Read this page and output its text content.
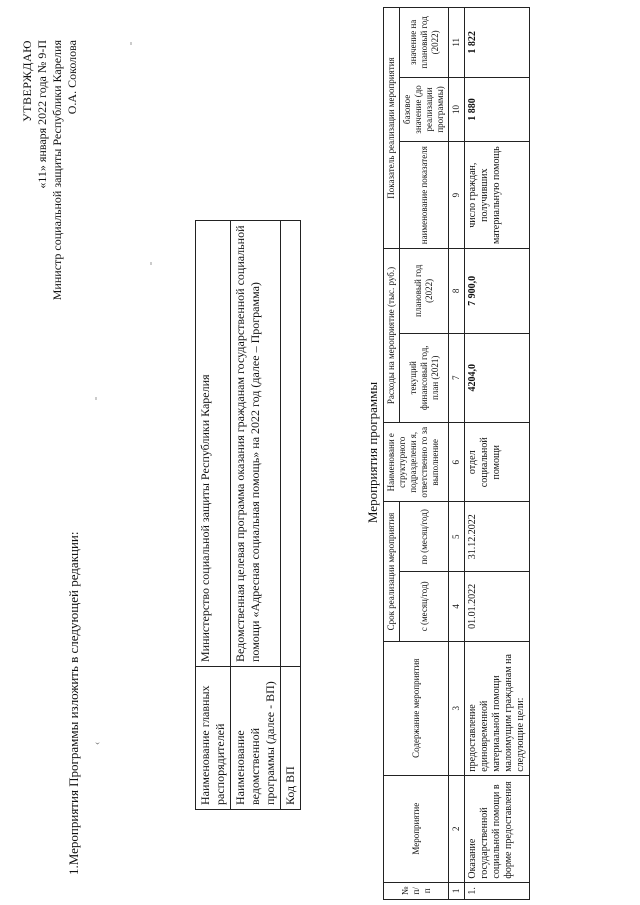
УТВЕРЖДАЮ «11» января 2022 года № 9-П Министр социальной защиты Республики Карелия О.А. Соколова
1.Мероприятия Программы изложить в следующей редакции: ‹	Наименование главных распорядителей	Министерство социальной защиты Республики Карелия
Наименование ведомственной программы (далее - ВП)	Ведомственная целевая программа оказания гражданам государственной социальной помощи «Адресная социальная помощь» на 2022 год (далее – Программа)
Код ВП	
Мероприятия программы
№ п/ п	Мероприятие	Содержание мероприятия	Срок реализации мероприятия		Наименовани е структурного подразделени я, ответственно го за выполнение	Расходы на мероприятие (тыс. руб.)		Показатель реализации мероприятия		
			с (месяц/год)	по (месяц/год)		текущий финансовый год, план (2021)	плановый год (2022)	наименование показателя	базовое значение (до реализации программы)	значение на плановый год (2022)
1	2	3	4	5	6	7	8	9	10	11
1.	Оказание государственной социальной помощи в форме предоставления	предоставление единовременной материальной помощи малоимущим гражданам на следующие цели:	01.01.2022	31.12.2022	отдел социальной помощи	4204,0	7 900,0	число граждан, получивших материальную помощь	1 880	1 822
